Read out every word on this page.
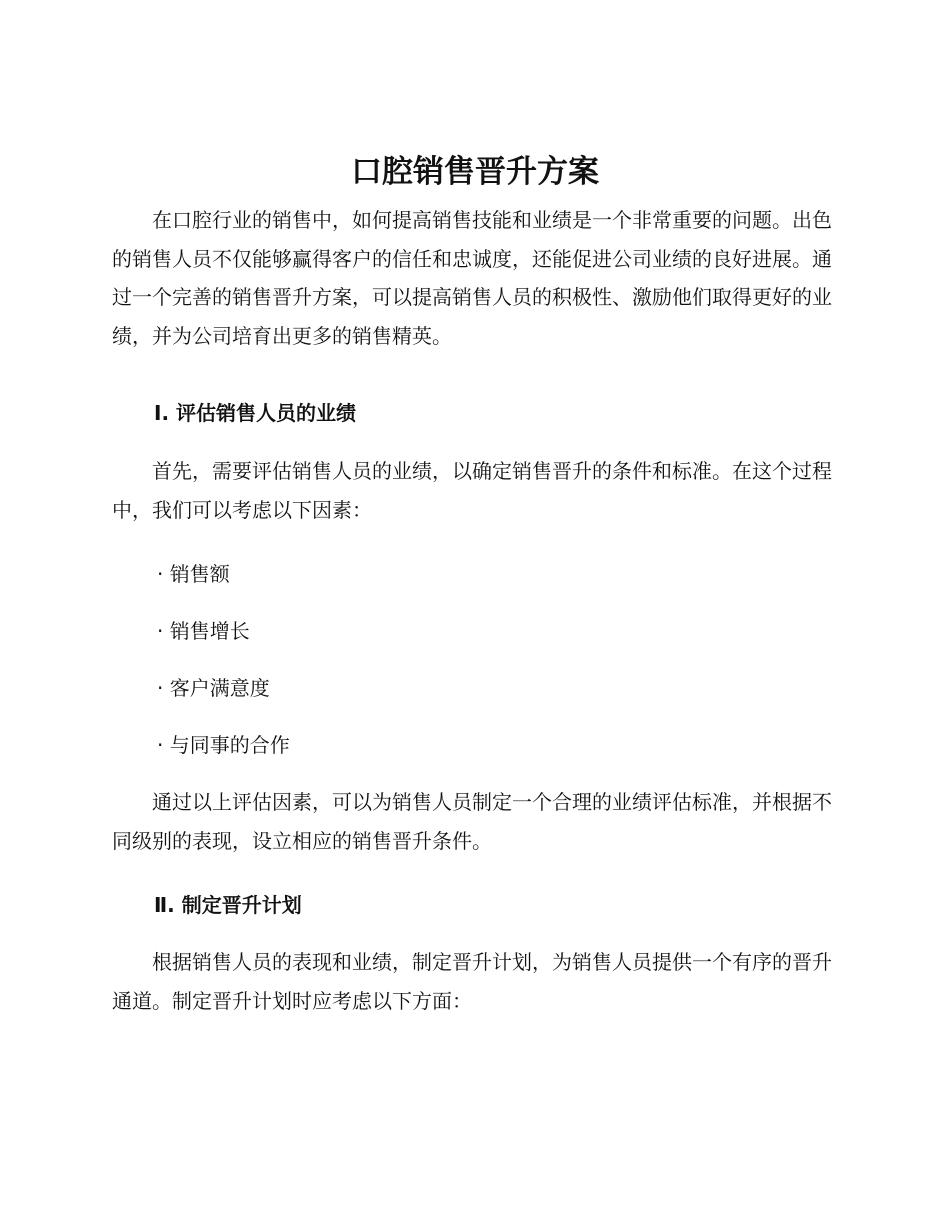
口腔销售晋升方案

在口腔行业的销售中，如何提高销售技能和业绩是一个非常重要的问题。出色的销售人员不仅能够赢得客户的信任和忠诚度，还能促进公司业绩的良好进展。通过一个完善的销售晋升方案，可以提高销售人员的积极性、激励他们取得更好的业绩，并为公司培育出更多的销售精英。

Ⅰ. 评估销售人员的业绩

首先，需要评估销售人员的业绩，以确定销售晋升的条件和标准。在这个过程中，我们可以考虑以下因素：

· 销售额
· 销售增长
· 客户满意度
· 与同事的合作

通过以上评估因素，可以为销售人员制定一个合理的业绩评估标准，并根据不同级别的表现，设立相应的销售晋升条件。

Ⅱ. 制定晋升计划

根据销售人员的表现和业绩，制定晋升计划，为销售人员提供一个有序的晋升通道。制定晋升计划时应考虑以下方面：
